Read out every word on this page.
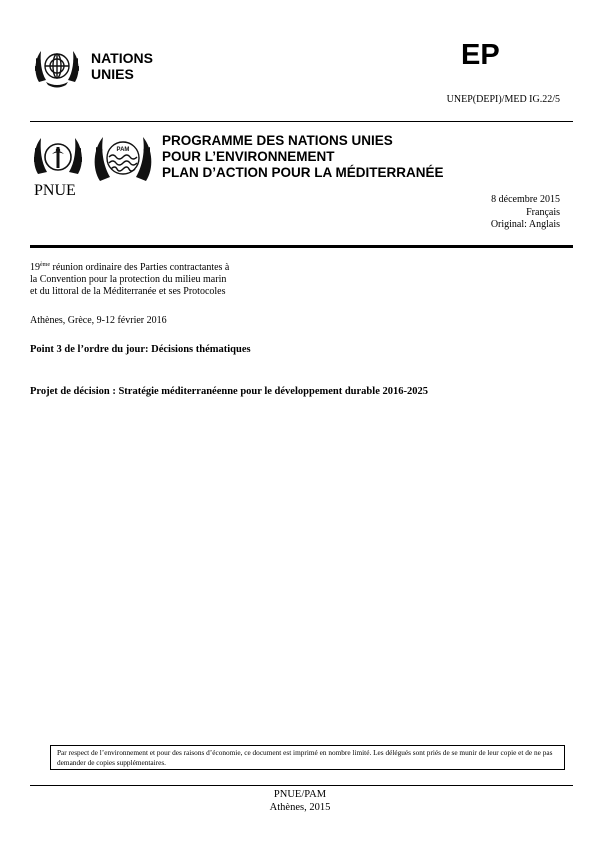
NATIONS
UNIES
EP
UNEP(DEPI)/MED IG.22/5
PNUE
PAM
PROGRAMME DES NATIONS UNIES
POUR L’ENVIRONNEMENT
PLAN D’ACTION POUR LA MÉDITERRANÉE
8 décembre 2015
Français
Original: Anglais
19ème réunion ordinaire des Parties contractantes à
la Convention pour la protection du milieu marin
et du littoral de la Méditerranée et ses Protocoles
Athènes, Grèce, 9-12 février 2016
Point 3 de l’ordre du jour: Décisions thématiques
Projet de décision : Stratégie méditerranéenne pour le développement durable 2016-2025
Par respect de l’environnement et pour des raisons d’économie, ce document est imprimé en nombre limité. Les délégués sont priés de se munir de leur copie et de ne pas demander de copies supplémentaires.
PNUE/PAM
Athènes, 2015
